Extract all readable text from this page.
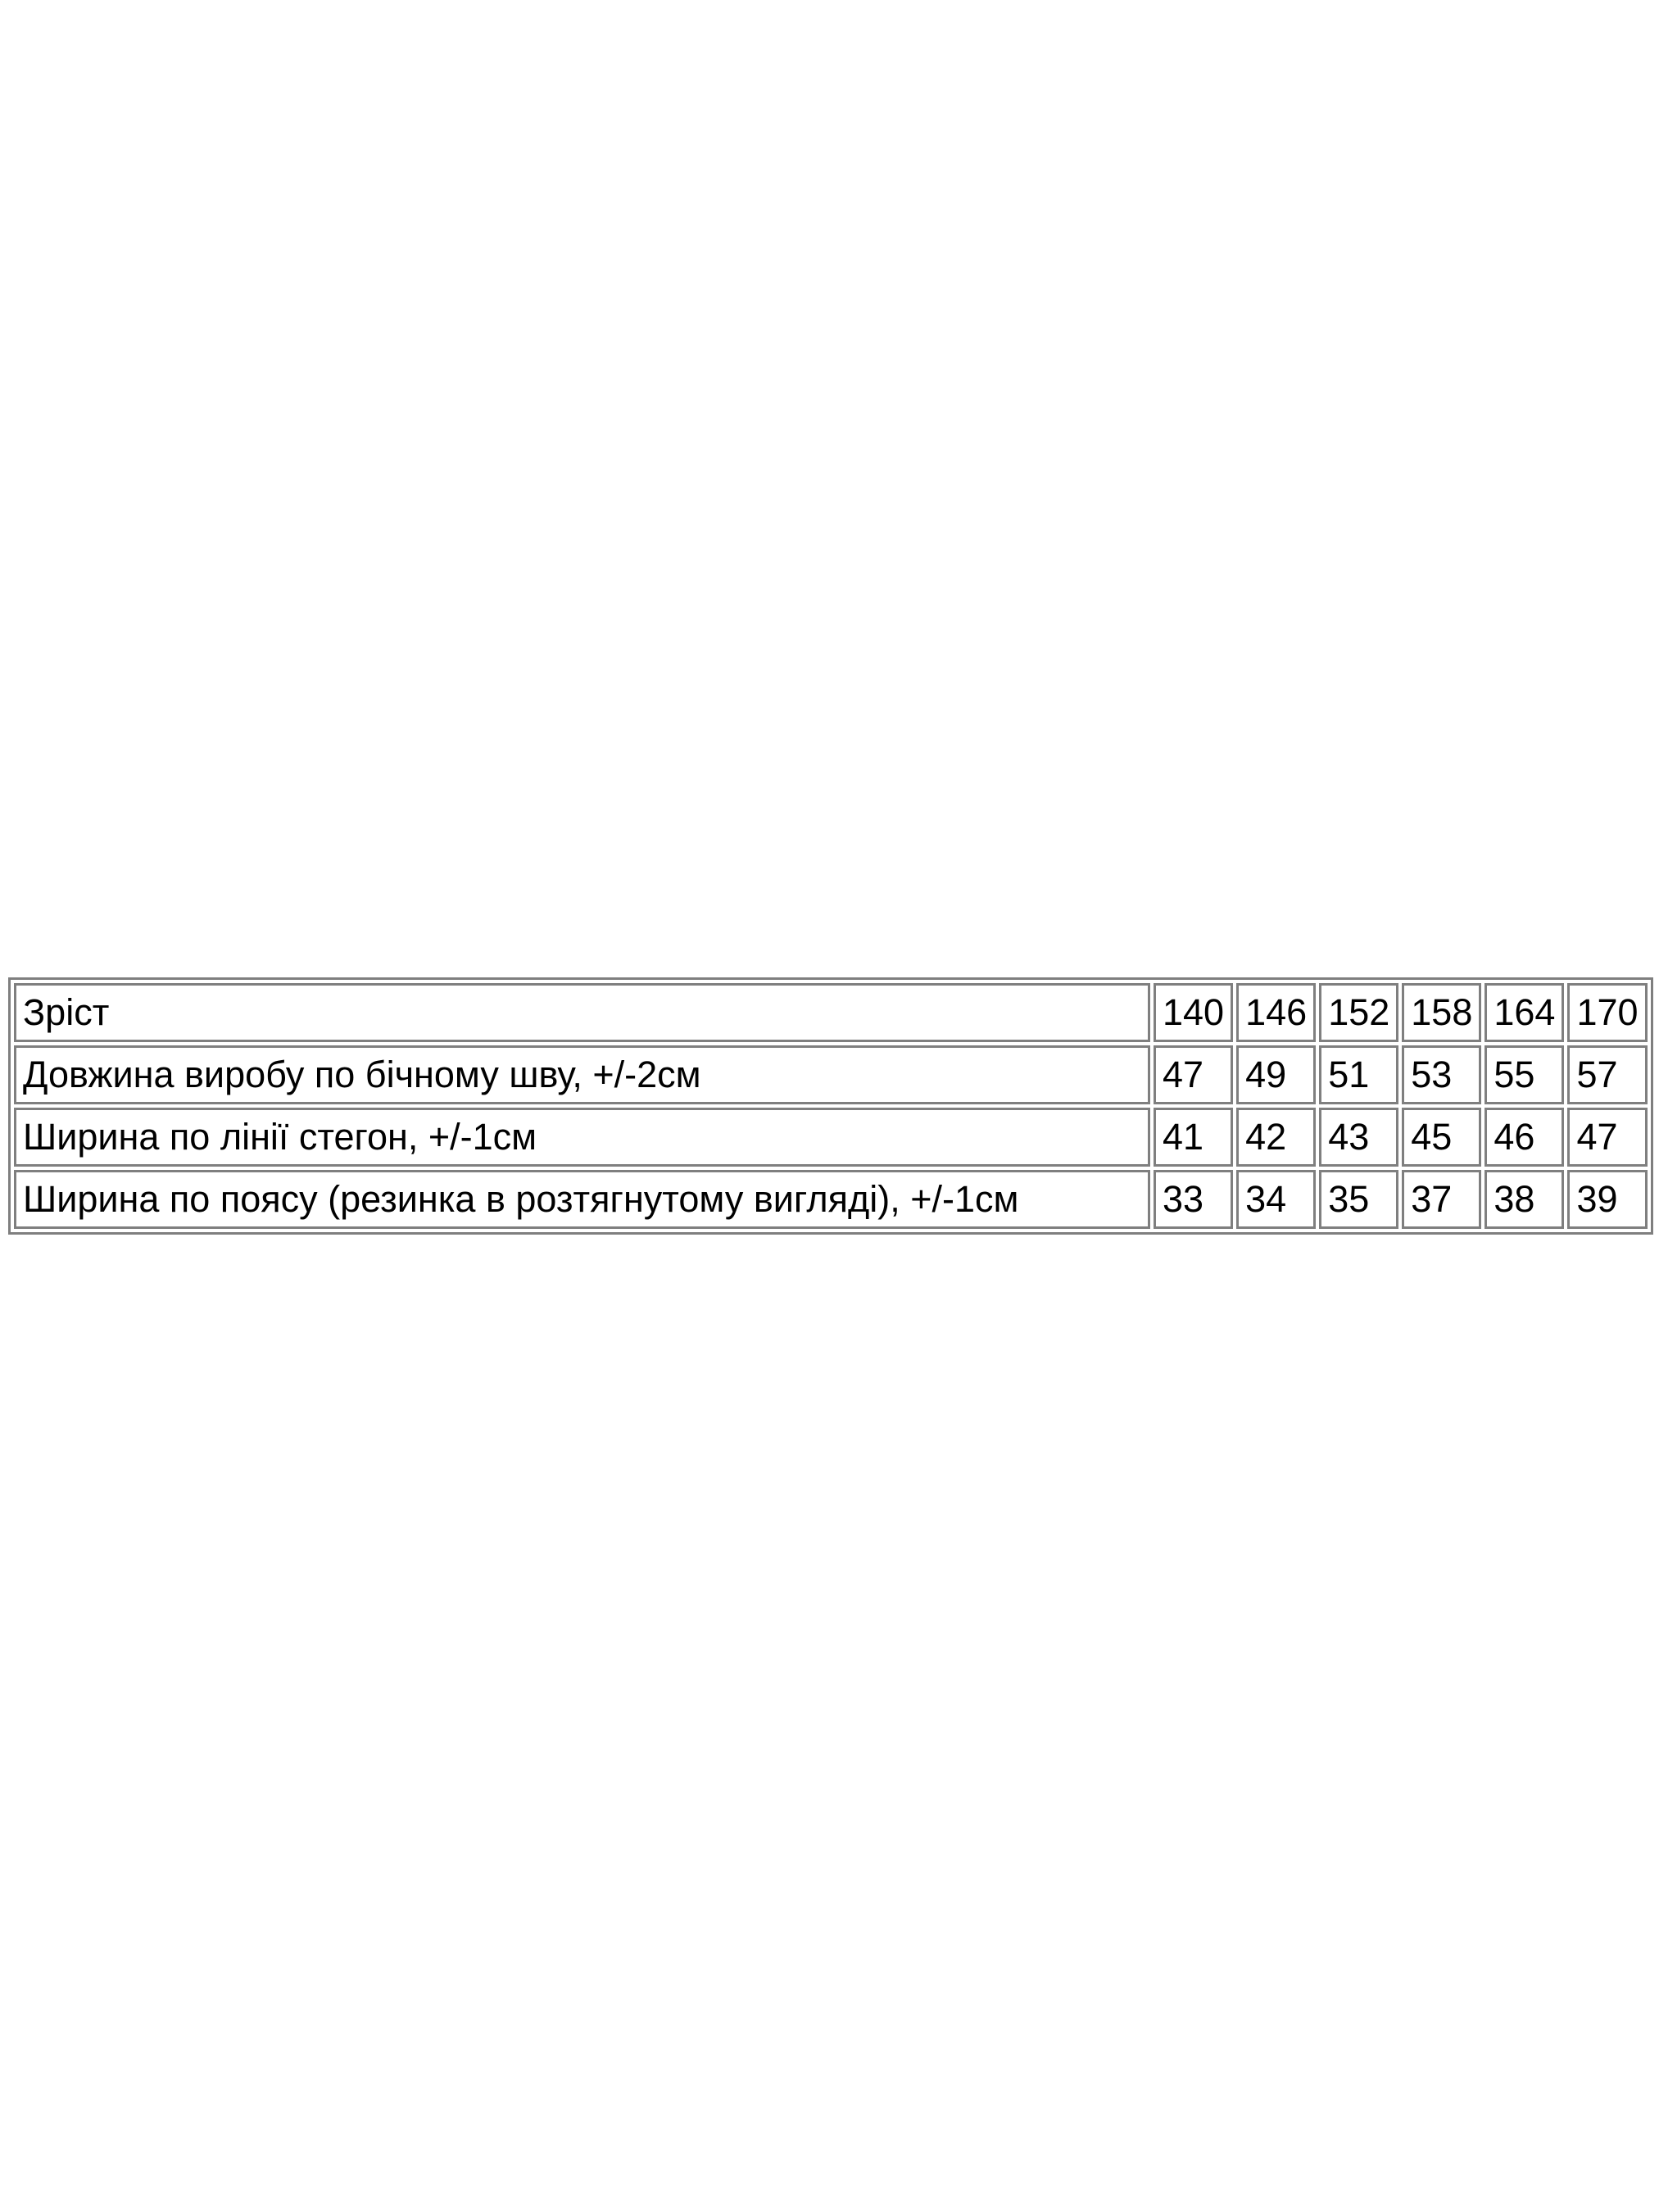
Зріст	140	146	152	158	164	170
Довжина виробу по бічному шву, +/-2см	47	49	51	53	55	57
Ширина по лінії стегон, +/-1см	41	42	43	45	46	47
Ширина по поясу (резинка в розтягнутому вигляді), +/-1см	33	34	35	37	38	39
